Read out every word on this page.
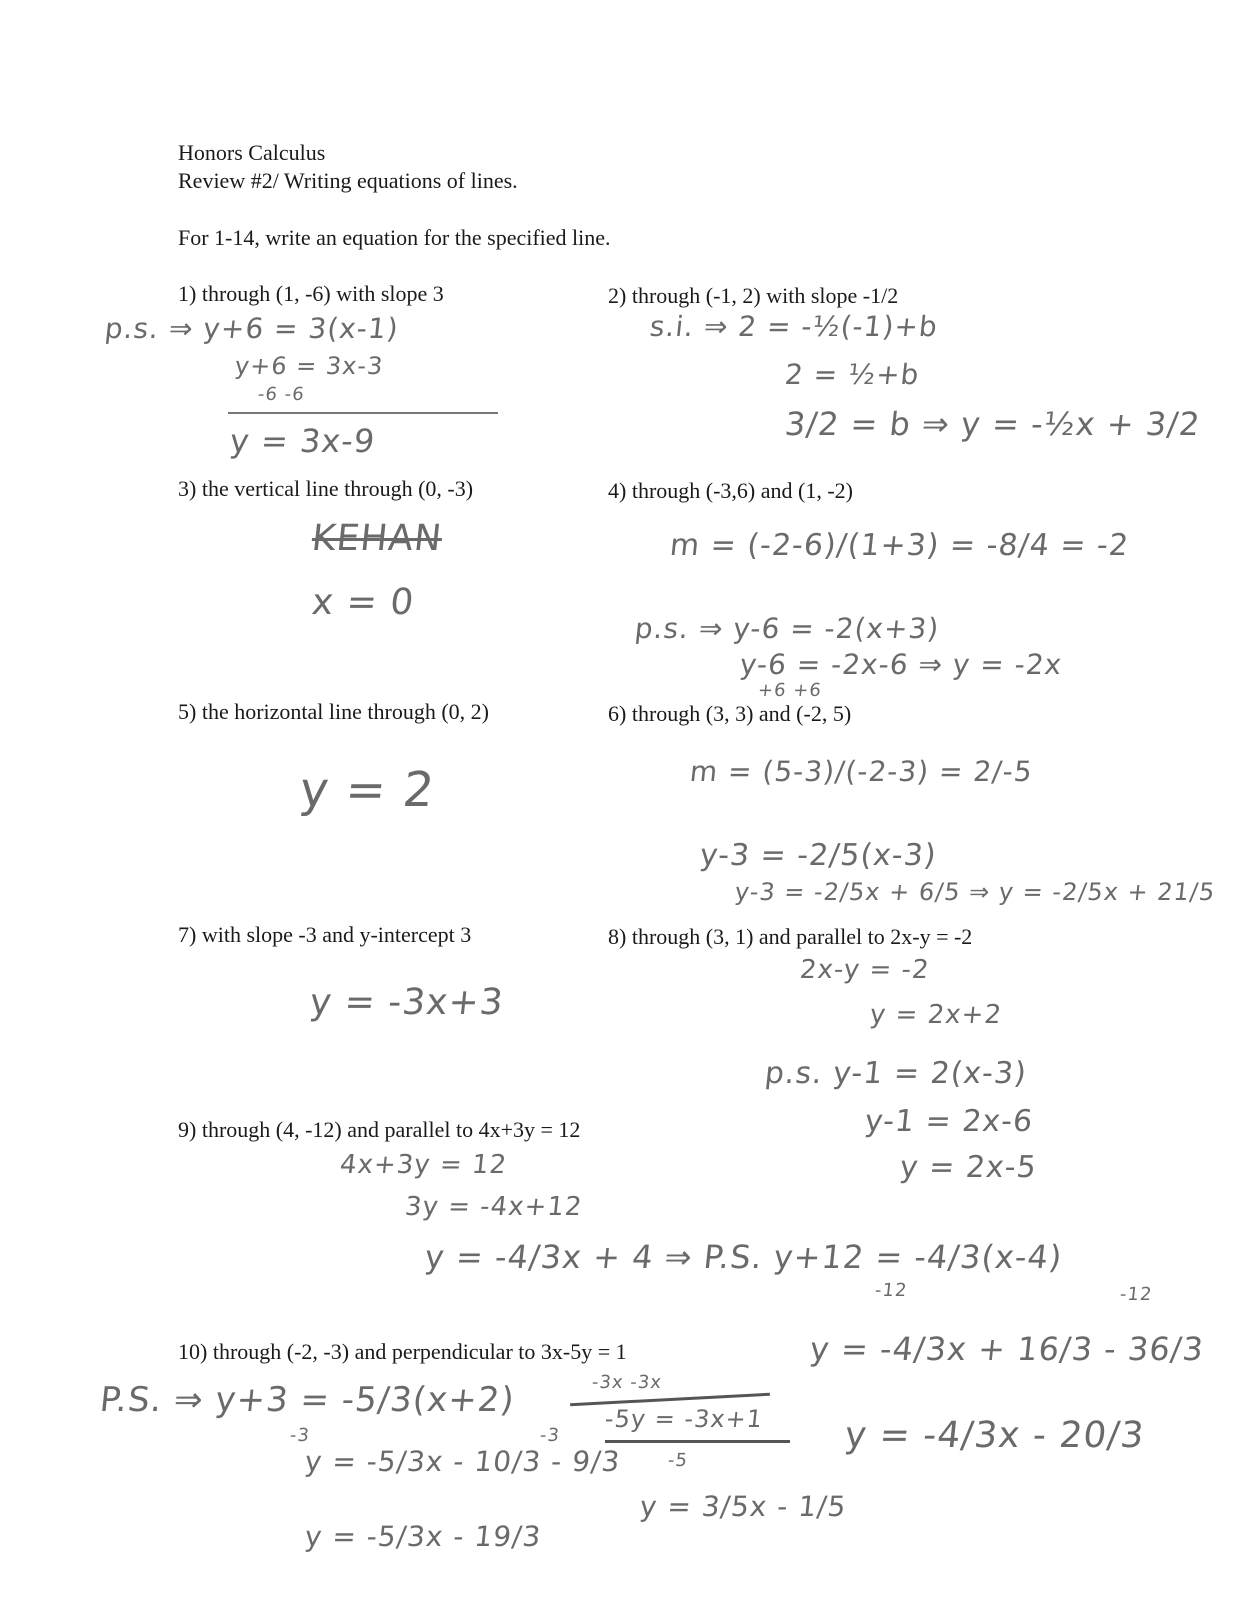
Honors Calculus
Review #2/ Writing equations of lines.
For 1-14, write an equation for the specified line.
1) through (1, -6) with slope 3
p.s. ⇒ y+6 = 3(x-1)
y+6 = 3x-3
-6 -6
y = 3x-9
2) through (-1, 2) with slope -1/2
s.i. ⇒ 2 = -½(-1)+b
2 = ½+b
3/2 = b ⇒ y = -½x + 3/2
3) the vertical line through (0, -3)
KEHAN
x = 0
4) through (-3,6) and (1, -2)
m = (-2-6)/(1+3) = -8/4 = -2
p.s. ⇒ y-6 = -2(x+3)
y-6 = -2x-6 ⇒ y = -2x
+6 +6
5) the horizontal line through (0, 2)
y = 2
6) through (3, 3) and (-2, 5)
m = (5-3)/(-2-3) = 2/-5
y-3 = -2/5(x-3)
y-3 = -2/5x + 6/5 ⇒ y = -2/5x + 21/5
7) with slope -3 and y-intercept 3
y = -3x+3
8) through (3, 1) and parallel to 2x-y = -2
2x-y = -2
y = 2x+2
p.s. y-1 = 2(x-3)
y-1 = 2x-6
y = 2x-5
9) through (4, -12) and parallel to 4x+3y = 12
4x+3y = 12
3y = -4x+12
y = -4/3x + 4 ⇒ P.S. y+12 = -4/3(x-4)
-12	-12
y = -4/3x + 16/3 - 36/3
y = -4/3x - 20/3
10) through (-2, -3) and perpendicular to 3x-5y = 1
P.S. ⇒ y+3 = -5/3(x+2)
-3	-3
y = -5/3x - 10/3 - 9/3
y = -5/3x - 19/3
-3x -3x
-5y = -3x+1
-5
y = 3/5x - 1/5
